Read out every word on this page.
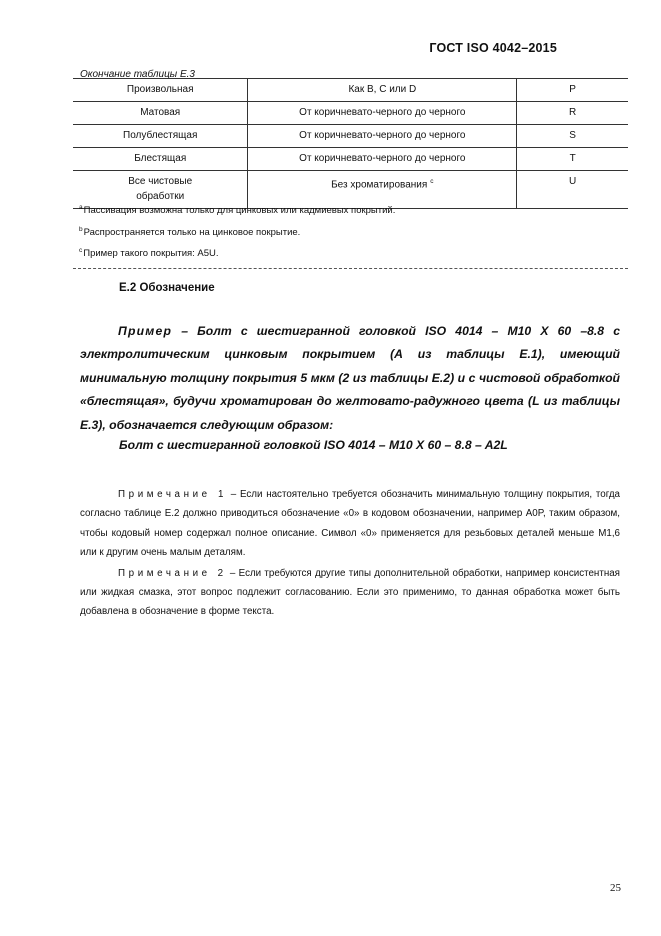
ГОСТ ISO 4042–2015
Окончание таблицы Е.3
Произвольная	Как В, С или D	P
Матовая	От коричневато-черного до черного	R
Полублестящая	От коричневато-черного до черного	S
Блестящая	От коричневато-черного до черного	T

Все чистовые обработки	Без хроматирования $^c$	U
$^a$Пассивация возможна только для цинковых или кадмиевых покрытий.
$^b$Распространяется только на цинковое покрытие.
$^c$Пример такого покрытия: A5U.
Е.2 Обозначение
Пример – Болт с шестигранной головкой ISO 4014 – M10 X 60 –8.8 с электролитическим цинковым покрытием (А из таблицы Е.1), имеющий минимальную толщину покрытия 5 мкм (2 из таблицы Е.2) и с чистовой обработкой «блестящая», будучи хроматирован до желтовато-радужного цвета (L из таблицы Е.3), обозначается следующим образом:
Болт с шестигранной головкой ISO 4014 – M10 X 60 – 8.8 – A2L

Примечание 1 – Если настоятельно требуется обозначить минимальную толщину покрытия, тогда согласно таблице Е.2 должно приводиться обозначение «0» в кодовом обозначении, например A0P, таким образом, чтобы кодовый номер содержал полное описание. Символ «0» применяется для резьбовых деталей меньше M1,6 или к другим очень малым деталям.

Примечание 2 – Если требуются другие типы дополнительной обработки, например консистентная или жидкая смазка, этот вопрос подлежит согласованию. Если это применимо, то данная обработка может быть добавлена в обозначение в форме текста.

25
